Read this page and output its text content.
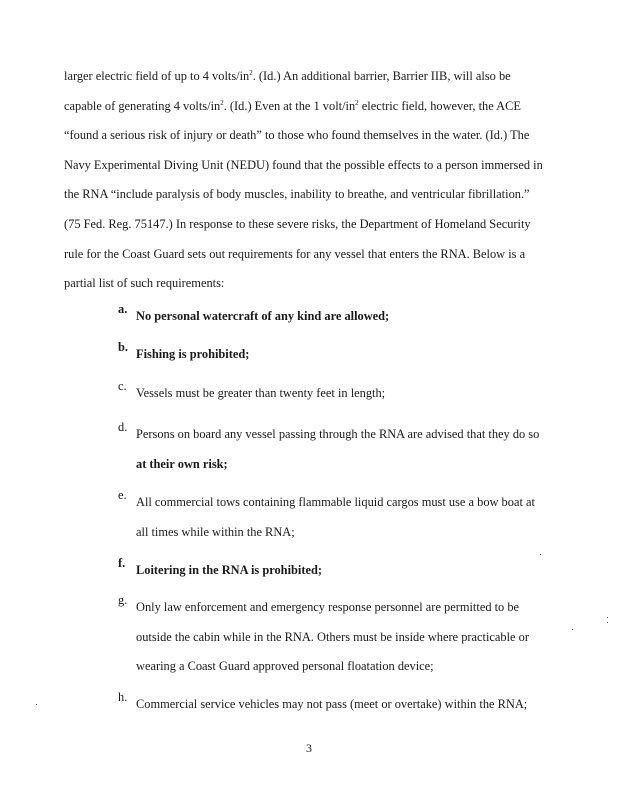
larger electric field of up to 4 volts/$in^2$. (Id.) An additional barrier, Barrier IIB, will also be
capable of generating 4 volts/$in^2$. (Id.) Even at the 1 volt/$in^2$ electric field, however, the ACE
“found a serious risk of injury or death” to those who found themselves in the water. (Id.) The
Navy Experimental Diving Unit (NEDU) found that the possible effects to a person immersed in
the RNA “include paralysis of body muscles, inability to breathe, and ventricular fibrillation.”
(75 Fed. Reg. 75147.) In response to these severe risks, the Department of Homeland Security
rule for the Coast Guard sets out requirements for any vessel that enters the RNA. Below is a
partial list of such requirements:
a. No personal watercraft of any kind are allowed;
b. Fishing is prohibited;
c. Vessels must be greater than twenty feet in length;
d. Persons on board any vessel passing through the RNA are advised that they do so
at their own risk;
e. All commercial tows containing flammable liquid cargos must use a bow boat at
all times while within the RNA;
f. Loitering in the RNA is prohibited;
g. Only law enforcement and emergency response personnel are permitted to be
outside the cabin while in the RNA. Others must be inside where practicable or
wearing a Coast Guard approved personal floatation device;
h. Commercial service vehicles may not pass (meet or overtake) within the RNA;
3
